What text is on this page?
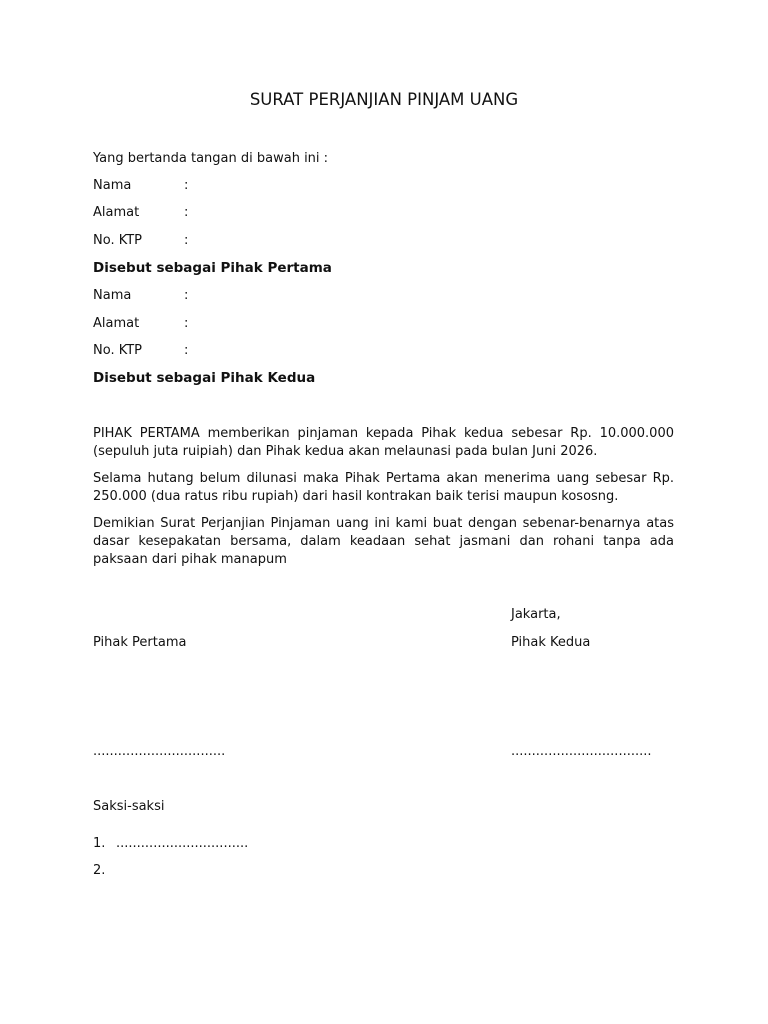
SURAT PERJANJIAN PINJAM UANG
Yang bertanda tangan di bawah ini :
Nama	:
Alamat	:
No. KTP	:
Disebut sebagai Pihak Pertama
Nama	:
Alamat	:
No. KTP	:
Disebut sebagai Pihak Kedua
PIHAK PERTAMA memberikan pinjaman kepada Pihak kedua sebesar Rp. 10.000.000 (sepuluh juta ruipiah) dan Pihak kedua akan melaunasi pada bulan Juni 2026.
Selama hutang belum dilunasi maka Pihak Pertama akan menerima uang sebesar Rp. 250.000 (dua ratus ribu rupiah) dari hasil kontrakan baik terisi maupun kososng.
Demikian Surat Perjanjian Pinjaman uang ini kami buat dengan sebenar-benarnya atas dasar kesepakatan bersama, dalam keadaan sehat jasmani dan rohani tanpa ada paksaan dari pihak manapum
Jakarta,
Pihak Pertama	Pihak Kedua
................................	..................................
Saksi-saksi
1. ................................
2.
